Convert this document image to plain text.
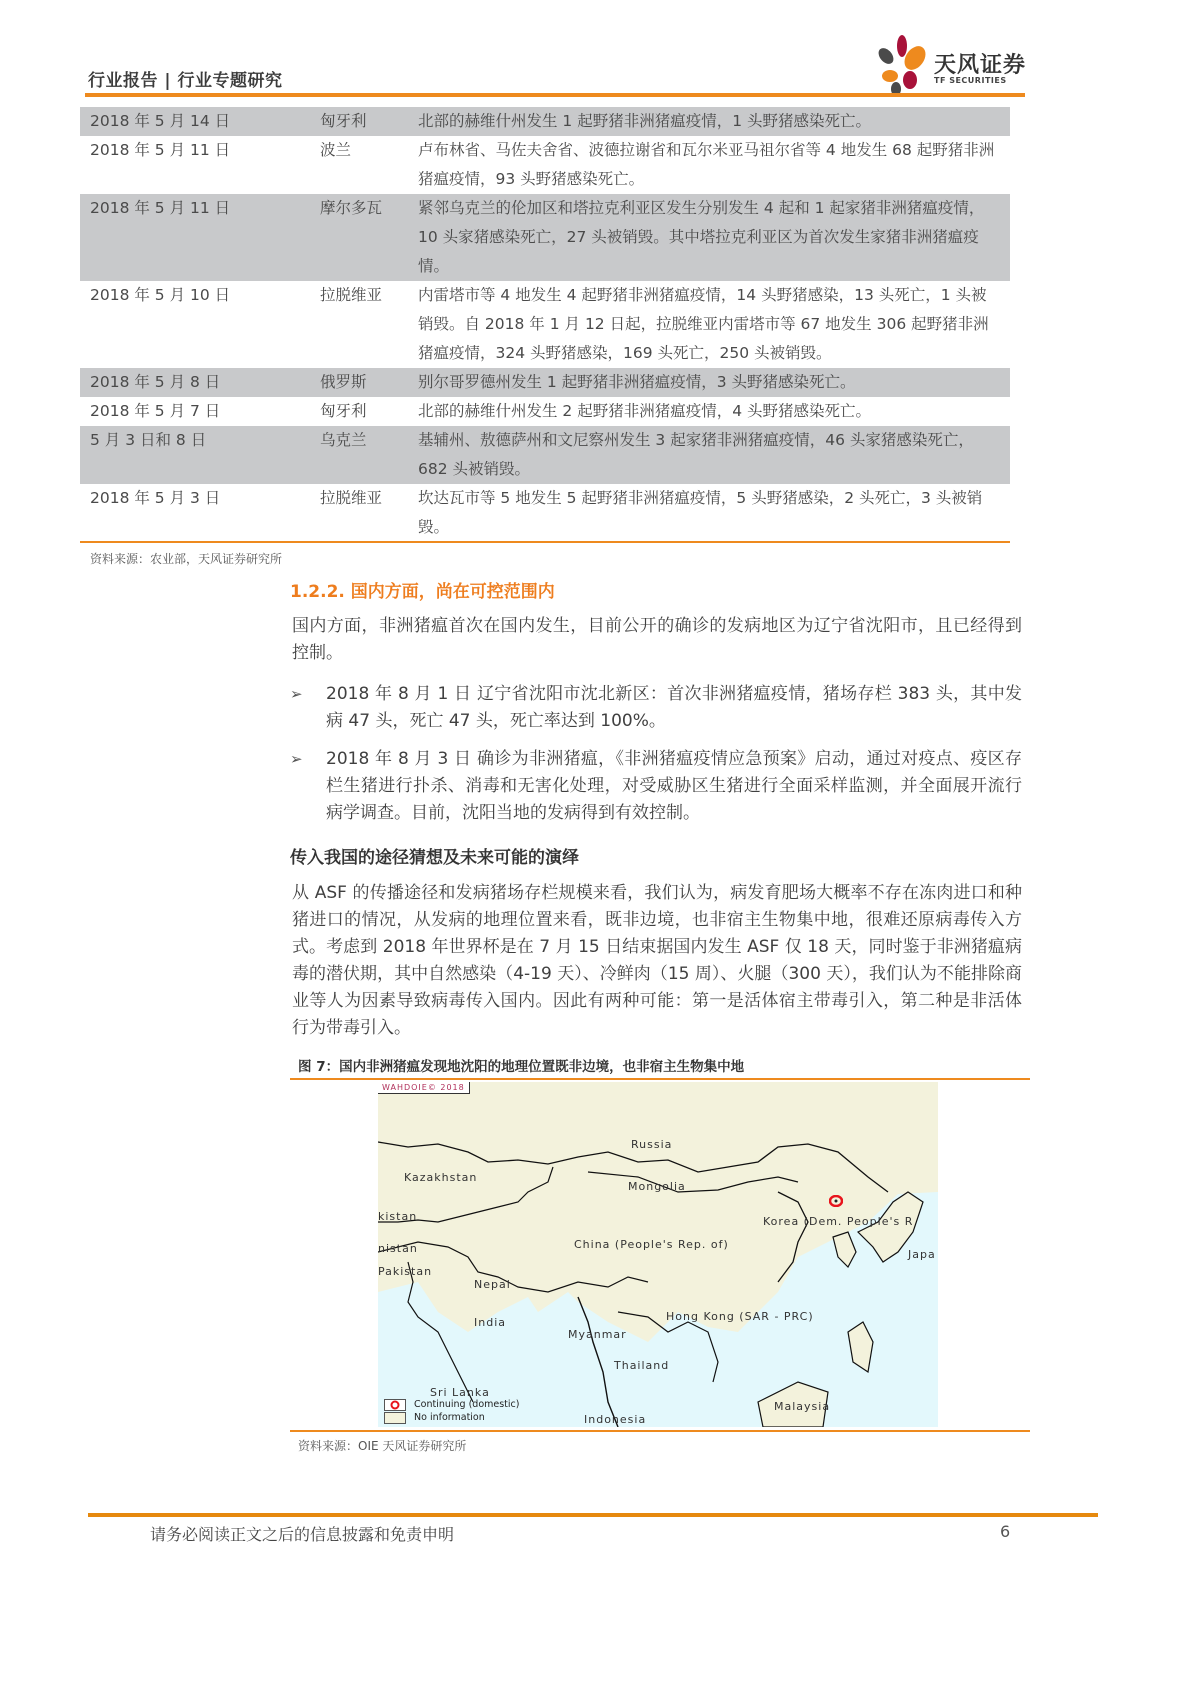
行业报告 | 行业专题研究
天风证券
TF SECURITIES
2018 年 5 月 14 日	匈牙利	北部的赫维什州发生 1 起野猪非洲猪瘟疫情，1 头野猪感染死亡。
2018 年 5 月 11 日	波兰	卢布林省、马佐夫舍省、波德拉谢省和瓦尔米亚马祖尔省等 4 地发生 68 起野猪非洲猪瘟疫情，93 头野猪感染死亡。
2018 年 5 月 11 日	摩尔多瓦	紧邻乌克兰的伦加区和塔拉克利亚区发生分别发生 4 起和 1 起家猪非洲猪瘟疫情，10 头家猪感染死亡，27 头被销毁。其中塔拉克利亚区为首次发生家猪非洲猪瘟疫情。
2018 年 5 月 10 日	拉脱维亚	内雷塔市等 4 地发生 4 起野猪非洲猪瘟疫情，14 头野猪感染，13 头死亡，1 头被销毁。自 2018 年 1 月 12 日起，拉脱维亚内雷塔市等 67 地发生 306 起野猪非洲猪瘟疫情，324 头野猪感染，169 头死亡，250 头被销毁。
2018 年 5 月 8 日	俄罗斯	别尔哥罗德州发生 1 起野猪非洲猪瘟疫情，3 头野猪感染死亡。
2018 年 5 月 7 日	匈牙利	北部的赫维什州发生 2 起野猪非洲猪瘟疫情，4 头野猪感染死亡。
5 月 3 日和 8 日	乌克兰	基辅州、敖德萨州和文尼察州发生 3 起家猪非洲猪瘟疫情，46 头家猪感染死亡，682 头被销毁。
2018 年 5 月 3 日	拉脱维亚	坎达瓦市等 5 地发生 5 起野猪非洲猪瘟疫情，5 头野猪感染，2 头死亡，3 头被销毁。
资料来源：农业部，天风证券研究所
1.2.2. 国内方面，尚在可控范围内
国内方面，非洲猪瘟首次在国内发生，目前公开的确诊的发病地区为辽宁省沈阳市，且已经得到控制。
➢ 2018 年 8 月 1 日 辽宁省沈阳市沈北新区：首次非洲猪瘟疫情，猪场存栏 383 头，其中发病 47 头，死亡 47 头，死亡率达到 100%。
➢ 2018 年 8 月 3 日 确诊为非洲猪瘟，《非洲猪瘟疫情应急预案》启动，通过对疫点、疫区存栏生猪进行扑杀、消毒和无害化处理，对受威胁区生猪进行全面采样监测，并全面展开流行病学调查。目前，沈阳当地的发病得到有效控制。
传入我国的途径猜想及未来可能的演绎
从 ASF 的传播途径和发病猪场存栏规模来看，我们认为，病发育肥场大概率不存在冻肉进口和种猪进口的情况，从发病的地理位置来看，既非边境，也非宿主生物集中地，很难还原病毒传入方式。考虑到 2018 年世界杯是在 7 月 15 日结束据国内发生 ASF 仅 18 天，同时鉴于非洲猪瘟病毒的潜伏期，其中自然感染（4-19 天）、冷鲜肉（15 周）、火腿（300 天），我们认为不能排除商业等人为因素导致病毒传入国内。因此有两种可能：第一是活体宿主带毒引入，第二种是非活体行为带毒引入。
图 7：国内非洲猪瘟发现地沈阳的地理位置既非边境，也非宿主生物集中地
WAHDOIE© 2018
Russia
Kazakhstan
Mongolia
Korea (Dem. People's R
China (People's Rep. of)
kistan
nistan
Pakistan
Nepal
Japa
India	Hong Kong (SAR - PRC)
Myanmar
Thailand
Sri Lanka
Malaysia
Indonesia
Continuing (domestic)
No information
资料来源：OIE 天风证券研究所
请务必阅读正文之后的信息披露和免责申明	6
